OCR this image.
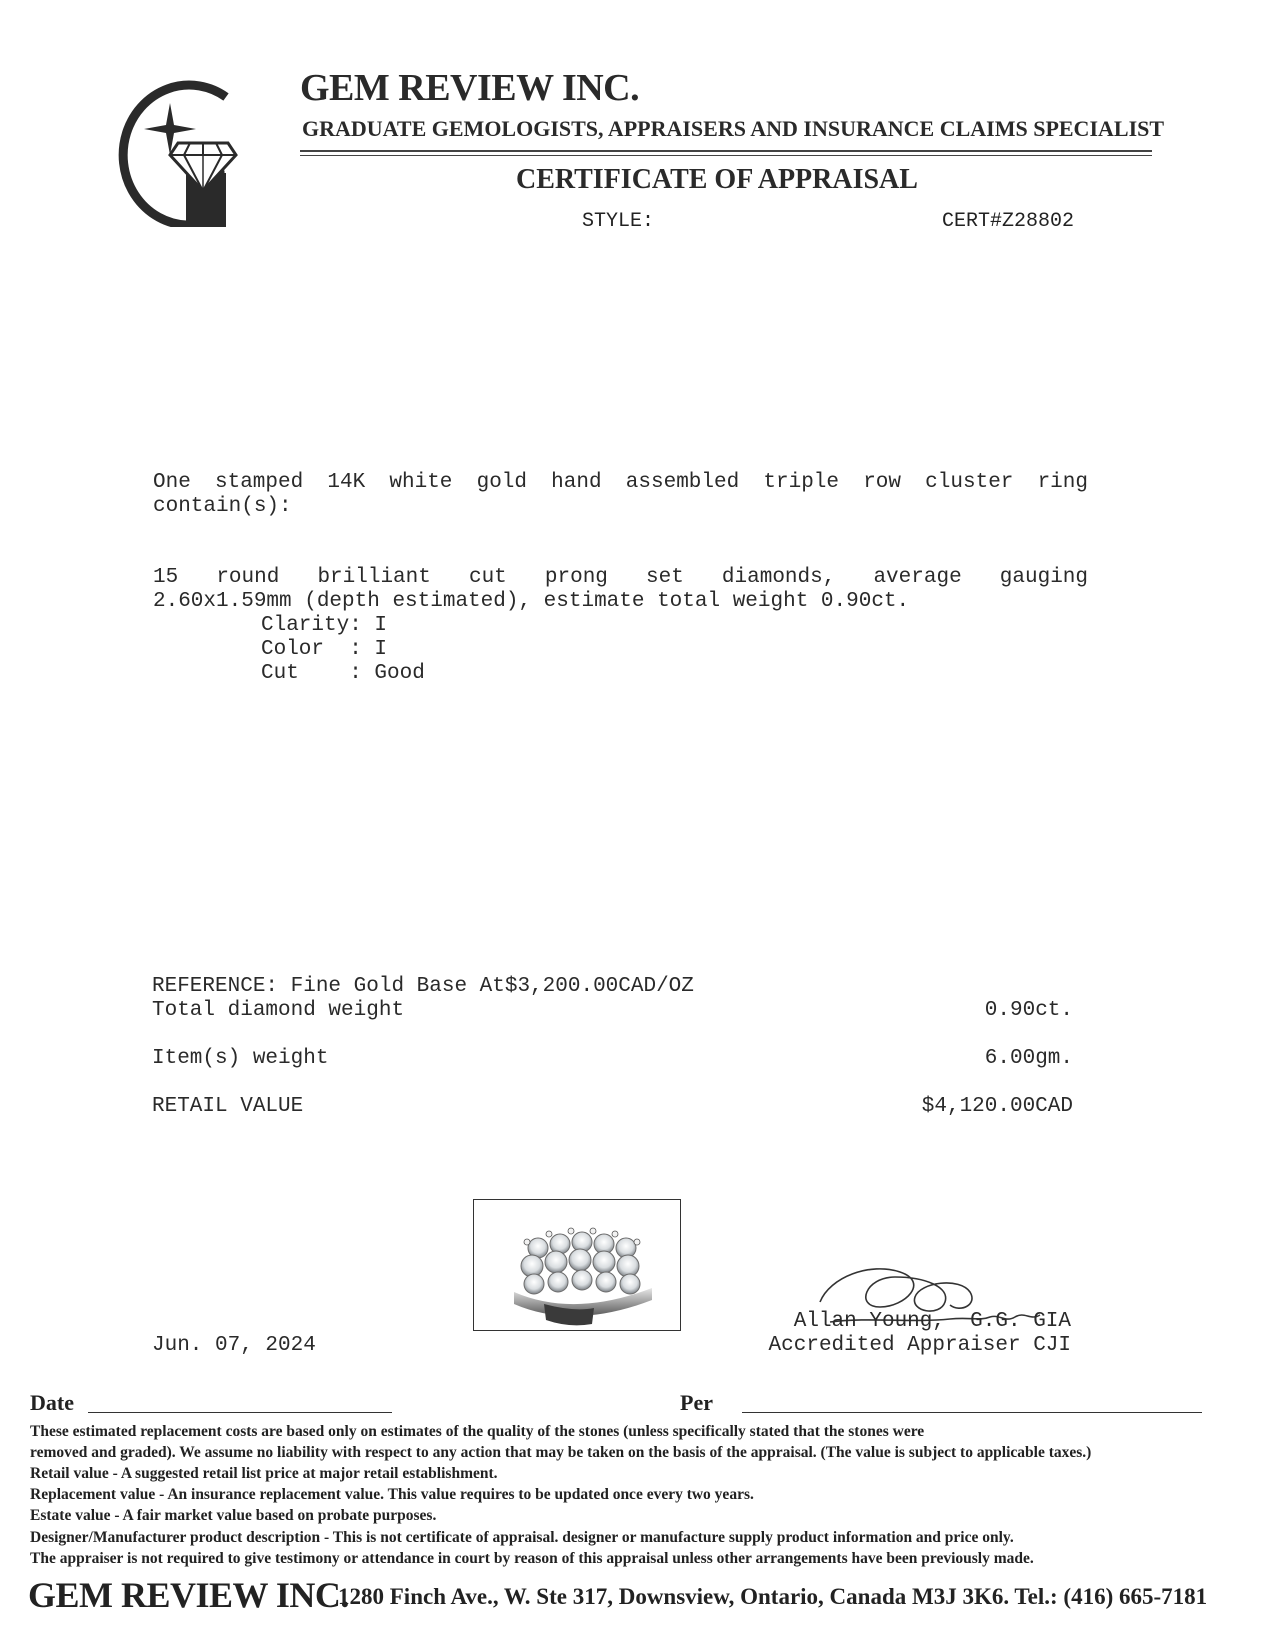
GEM REVIEW INC.
GRADUATE GEMOLOGISTS, APPRAISERS AND INSURANCE CLAIMS SPECIALIST
CERTIFICATE OF APPRAISAL
STYLE:	CERT#Z28802
One stamped 14K white gold hand assembled triple row cluster ring
contain(s):
15 round brilliant cut prong set diamonds, average gauging
2.60x1.59mm (depth estimated), estimate total weight 0.90ct.
Clarity: I
Color  : I
Cut    : Good
REFERENCE: Fine Gold Base At$3,200.00CAD/OZ
Total diamond weight	0.90ct.
Item(s) weight	6.00gm.
RETAIL VALUE	$4,120.00CAD
Allan Young,  G.G. GIA
Accredited Appraiser CJI
Jun. 07, 2024
Date	Per
These estimated replacement costs are based only on estimates of the quality of the stones (unless specifically stated that the stones were
removed and graded). We assume no liability with respect to any action that may be taken on the basis of the appraisal. (The value is subject to applicable taxes.)
Retail value - A suggested retail list price at major retail establishment.
Replacement value - An insurance replacement value. This value requires to be updated once every two years.
Estate value - A fair market value based on probate purposes.
Designer/Manufacturer product description - This is not certificate of appraisal. designer or manufacture supply product information and price only.
The appraiser is not required to give testimony or attendance in court by reason of this appraisal unless other arrangements have been previously made.
GEM REVIEW INC.
1280 Finch Ave., W. Ste 317, Downsview, Ontario, Canada M3J 3K6. Tel.: (416) 665-7181
